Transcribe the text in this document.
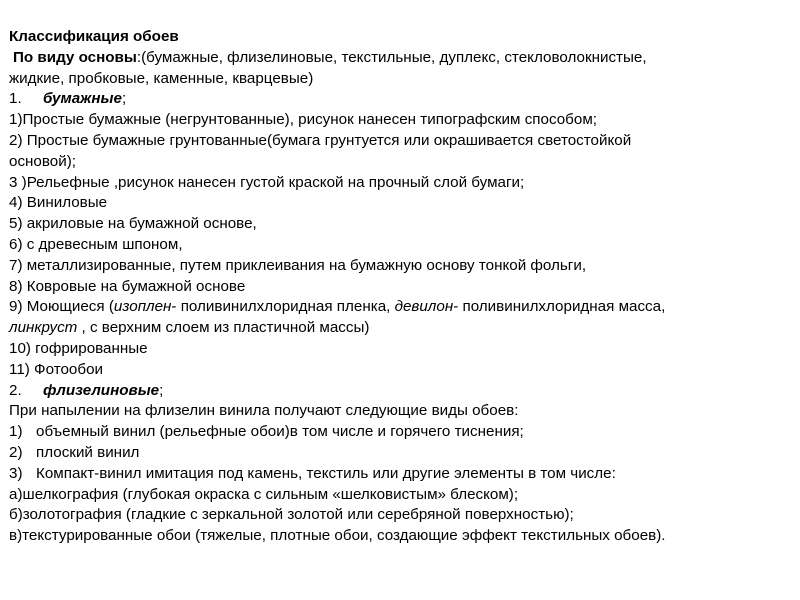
Классификация обоев
По виду основы:(бумажные, флизелиновые, текстильные, дуплекс, стекловолокнистые,
жидкие, пробковые, каменные, кварцевые)
1. бумажные;
1)Простые бумажные (негрунтованные), рисунок нанесен типографским способом;
2) Простые бумажные грунтованные(бумага грунтуется или окрашивается светостойкой
основой);
3 )Рельефные ,рисунок нанесен густой краской на прочный слой бумаги;
4) Виниловые
5) акриловые на бумажной основе,
6) с древесным шпоном,
7) металлизированные, путем приклеивания на бумажную основу тонкой фольги,
8) Ковровые на бумажной основе
9) Моющиеся (изоплен- поливинилхлоридная пленка, девилон- поливинилхлоридная масса,
линкруст , с верхним слоем из пластичной массы)
10) гофрированные
11) Фотообои
2. флизелиновые;
При напылении на флизелин винила получают следующие виды обоев:
1) объемный винил (рельефные обои)в том числе и горячего тиснения;
2) плоский винил
3) Компакт-винил имитация под камень, текстиль или другие элементы в том числе:
а)шелкография (глубокая окраска с сильным «шелковистым» блеском);
б)золотография (гладкие с зеркальной золотой или серебряной поверхностью);
в)текстурированные обои (тяжелые, плотные обои, создающие эффект текстильных обоев).
